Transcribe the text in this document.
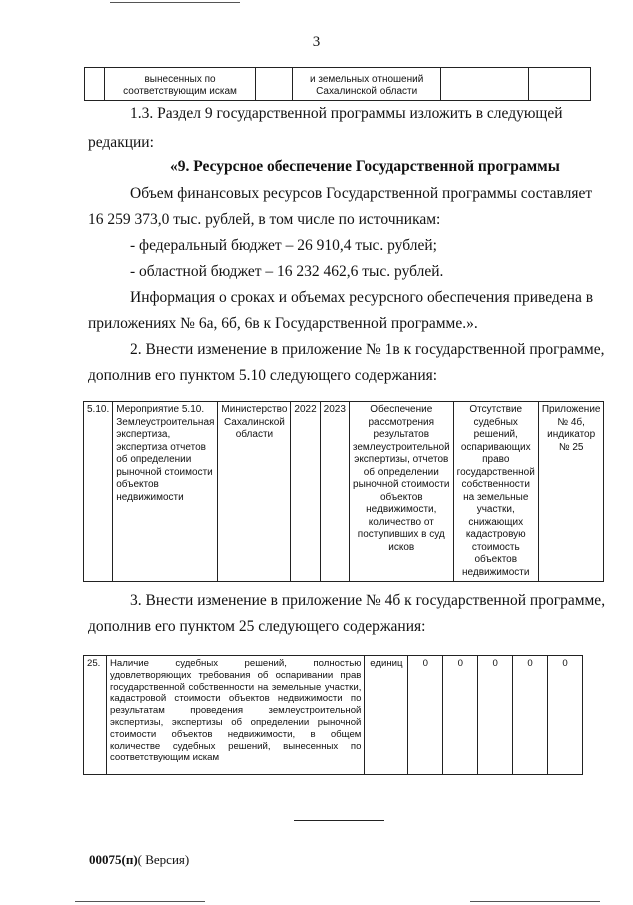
3
	вынесенных по соответствующим искам		и земельных отношений Сахалинской области		
1.3. Раздел 9 государственной программы изложить в следующей
редакции:
«9. Ресурсное обеспечение Государственной программы
Объем финансовых ресурсов Государственной программы составляет
16 259 373,0 тыс. рублей, в том числе по источникам:
- федеральный бюджет – 26 910,4 тыс. рублей;
- областной бюджет – 16 232 462,6 тыс. рублей.
Информация о сроках и объемах ресурсного обеспечения приведена в
приложениях № 6а, 6б, 6в к Государственной программе.».
2. Внести изменение в приложение № 1в к государственной программе,
дополнив его пунктом 5.10 следующего содержания:
5.10.	Мероприятие 5.10. Землеустроительная экспертиза, экспертиза отчетов об определении рыночной стоимости объектов недвижимости	Министерство Сахалинской области	2022	2023	Обеспечение рассмотрения результатов землеустроительной экспертизы, отчетов об определении рыночной стоимости объектов недвижимости, количество от поступивших в суд исков	Отсутствие судебных решений, оспаривающих право государственной собственности на земельные участки, снижающих кадастровую стоимость объектов недвижимости	Приложение № 4б, индикатор № 25
3. Внести изменение в приложение № 4б к государственной программе,
дополнив его пунктом 25 следующего содержания:
25.	Наличие судебных решений, полностью удовлетворяющих требования об оспаривании прав государственной собственности на земельные участки, кадастровой стоимости объектов недвижимости по результатам проведения землеустроительной экспертизы, экспертизы об определении рыночной стоимости объектов недвижимости, в общем количестве судебных решений, вынесенных по соответствующим искам	единиц	0	0	0	0	0
00075(п)( Версия)
